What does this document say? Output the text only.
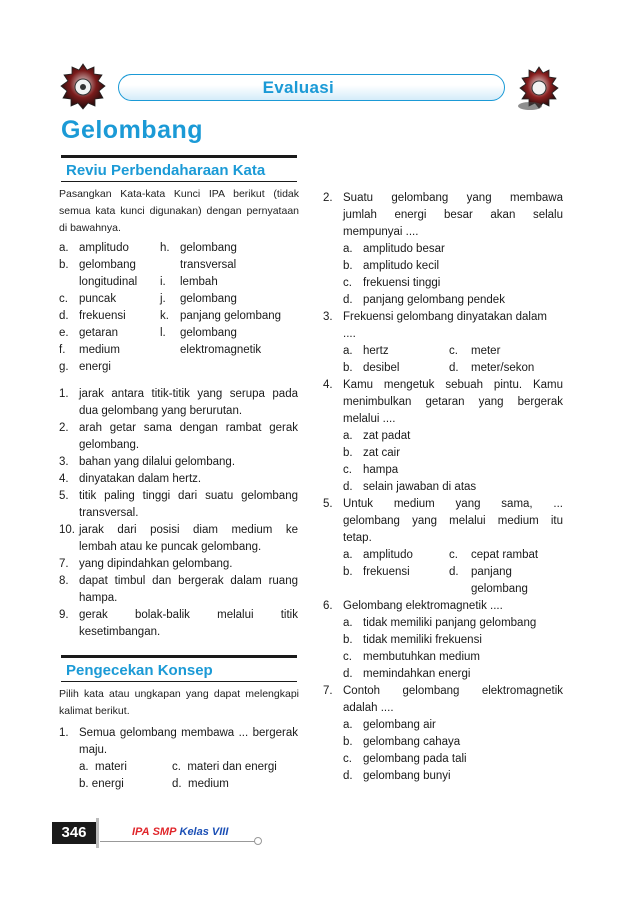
Evaluasi
Gelombang
Reviu Perbendaharaan Kata
Pasangkan Kata-kata Kunci IPA berikut (tidak
semua kata kunci digunakan) dengan pernyataan
di bawahnya.
a. amplitudo
b. gelombang
longitudinal
c. puncak
d. frekuensi
e. getaran
f. medium
g. energi
h. gelombang
transversal
i. lembah
j. gelombang
k. panjang gelombang
l. gelombang
elektromagnetik
1. jarak antara titik-titik yang serupa pada
dua gelombang yang berurutan.
2. arah getar sama dengan rambat gerak
gelombang.
3. bahan yang dilalui gelombang.
4. dinyatakan dalam hertz.
5. titik paling tinggi dari suatu gelombang
transversal.
10. jarak dari posisi diam medium ke
lembah atau ke puncak gelombang.
7. yang dipindahkan gelombang.
8. dapat timbul dan bergerak dalam ruang
hampa.
9. gerak bolak-balik melalui titik
kesetimbangan.
Pengecekan Konsep
Pilih kata atau ungkapan yang dapat melengkapi
kalimat berikut.
1. Semua gelombang membawa ... bergerak
maju.
a. materi	c. materi dan energi
b. energi	d. medium
2. Suatu gelombang yang membawa
jumlah energi besar akan selalu
mempunyai ....
a. amplitudo besar
b. amplitudo kecil
c. frekuensi tinggi
d. panjang gelombang pendek
3. Frekuensi gelombang dinyatakan dalam
....
a. hertz	c. meter
b. desibel	d. meter/sekon
4. Kamu mengetuk sebuah pintu. Kamu
menimbulkan getaran yang bergerak
melalui ....
a. zat padat
b. zat cair
c. hampa
d. selain jawaban di atas
5. Untuk medium yang sama, ...
gelombang yang melalui medium itu
tetap.
a. amplitudo	c. cepat rambat
b. frekuensi	d. panjang
gelombang
6. Gelombang elektromagnetik ....
a. tidak memiliki panjang gelombang
b. tidak memiliki frekuensi
c. membutuhkan medium
d. memindahkan energi
7. Contoh gelombang elektromagnetik
adalah ....
a. gelombang air
b. gelombang cahaya
c. gelombang pada tali
d. gelombang bunyi
346	IPA SMP Kelas VIII
